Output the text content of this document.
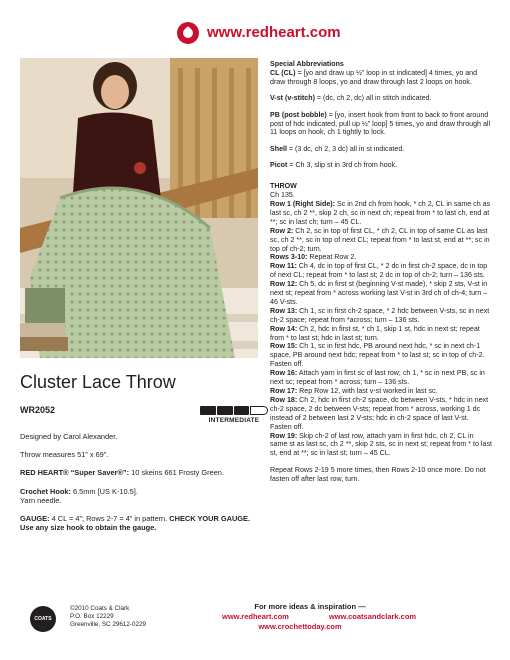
www.redheart.com
Cluster Lace Throw
WR2052
INTERMEDIATE

Designed by Carol Alexander.

Throw measures 51” x 69”.

RED HEART® “Super Saver®”: 10 skeins 661 Frosty Green.

Crochet Hook: 6.5mm [US K-10.5].
Yarn needle.

GAUGE: 4 CL = 4”; Rows 2-7 = 4” in pattern. CHECK YOUR GAUGE. Use any size hook to obtain the gauge.

Special Abbreviations

CL (CL) = [yo and draw up ½” loop in st indicated] 4 times, yo and draw through 8 loops, yo and draw through last 2 loops on hook.

V-st (v-stitch) = (dc, ch 2, dc) all in stitch indicated.

PB (post bobble) = [yo, insert hook from front to back to front around post of hdc indicated, pull up ½” loop] 5 times, yo and draw through all 11 loops on hook, ch 1 tightly to lock.

Shell = (3 dc, ch 2, 3 dc) all in st indicated.

Picot = Ch 3, slip st in 3rd ch from hook.

THROW
Ch 135.
Row 1 (Right Side): Sc in 2nd ch from hook, * ch 2, CL in same ch as last sc, ch 2 **, skip 2 ch, sc in next ch; repeat from * to last ch, end at **; sc in last ch; turn – 45 CL.
Row 2: Ch 2, sc in top of first CL, * ch 2, CL in top of same CL as last sc, ch 2 **, sc in top of next CL; repeat from * to last st, end at **; sc in top of ch-2; turn.
Rows 3-10: Repeat Row 2.
Row 11: Ch 4, dc in top of first CL, * 2 dc in first ch-2 space, dc in top of next CL; repeat from * to last st; 2 dc in top of ch-2; turn – 136 sts.
Row 12: Ch 5, dc in first st (beginning V-st made), * skip 2 sts, V-st in next st; repeat from * across working last V-st in 3rd ch of ch-4; turn – 46 V-sts.
Row 13: Ch 1, sc in first ch-2 space, * 2 hdc between V-sts, sc in next ch-2 space; repeat from *across; turn – 136 sts.
Row 14: Ch 2, hdc in first st, * ch 1, skip 1 st, hdc in next st; repeat from * to last st; hdc in last st; turn.
Row 15: Ch 1, sc in first hdc, PB around next hdc, * sc in next ch-1 space, PB around next hdc; repeat from * to last st; sc in top of ch-2. Fasten off.
Row 16: Attach yarn in first sc of last row; ch 1, * sc in next PB, sc in next sc; repeat from * across; turn – 136 sts.
Row 17: Rep Row 12, with last v-st worked in last sc.
Row 18: Ch 2, hdc in first ch-2 space, dc between V-sts, * hdc in next ch-2 space, 2 dc between V-sts; repeat from * across, working 1 dc instead of 2 between last 2 V-sts; hdc in ch-2 space of last V-st. Fasten off.
Row 19: Skip ch-2 of last row, attach yarn in first hdc, ch 2, CL in same st as last sc, ch 2 **, skip 2 sts, sc in next st; repeat from * to last st, end at **; sc in last st; turn – 45 CL.

Repeat Rows 2-19 5 more times, then Rows 2-10 once more. Do not fasten off after last row, turn.

COATS
©2010 Coats & Clark
P.O. Box 12229
Greenville, SC 29612-0229
For more ideas & inspiration —
www.redheart.com	www.coatsandclark.com
www.crochettoday.com
